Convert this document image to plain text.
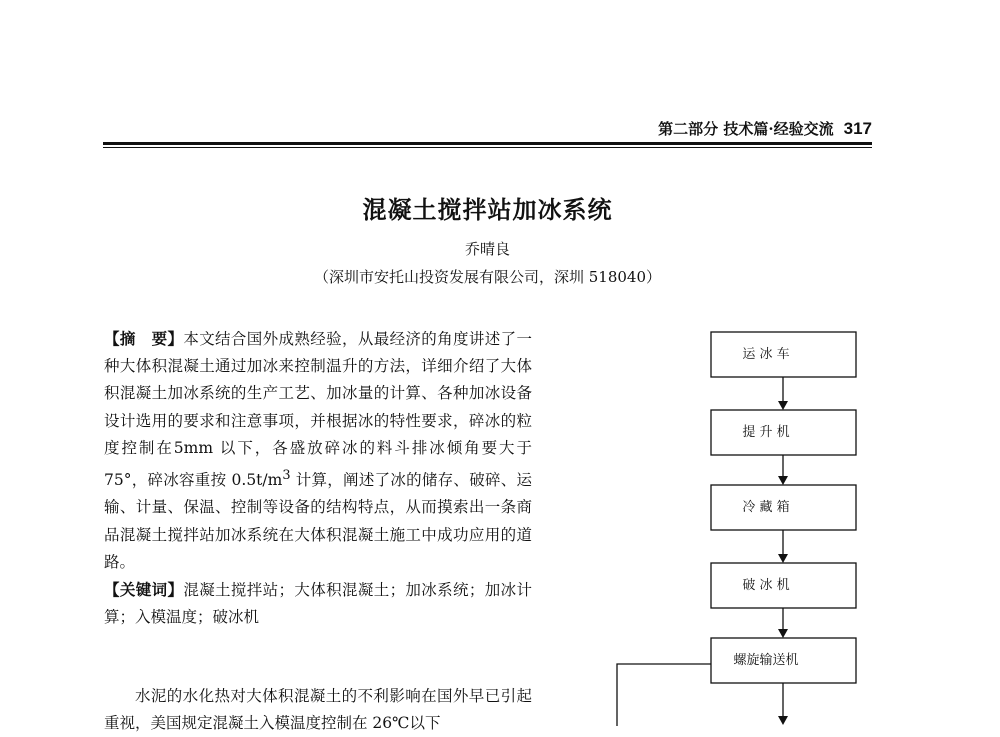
第二部分 技术篇·经验交流 317
混凝土搅拌站加冰系统
乔晴良
（深圳市安托山投资发展有限公司，深圳 518040）

【摘　要】本文结合国外成熟经验，从最经济的角度讲述了一种大体积混凝土通过加冰来控制温升的方法，详细介绍了大体积混凝土加冰系统的生产工艺、加冰量的计算、各种加冰设备设计选用的要求和注意事项，并根据冰的特性要求，碎冰的粒度控制在5mm 以下，各盛放碎冰的料斗排冰倾角要大于 75°，碎冰容重按 $0.5t/m^3$ 计算，阐述了冰的储存、破碎、运输、计量、保温、控制等设备的结构特点，从而摸索出一条商品混凝土搅拌站加冰系统在大体积混凝土施工中成功应用的道路。

【关键词】混凝土搅拌站；大体积混凝土；加冰系统；加冰计算；入模温度；破冰机

水泥的水化热对大体积混凝土的不利影响在国外早已引起重视，美国规定混凝土入模温度控制在 26℃以下

运 冰 车
提 升 机
冷 藏 箱
破 冰 机
螺旋输送机
